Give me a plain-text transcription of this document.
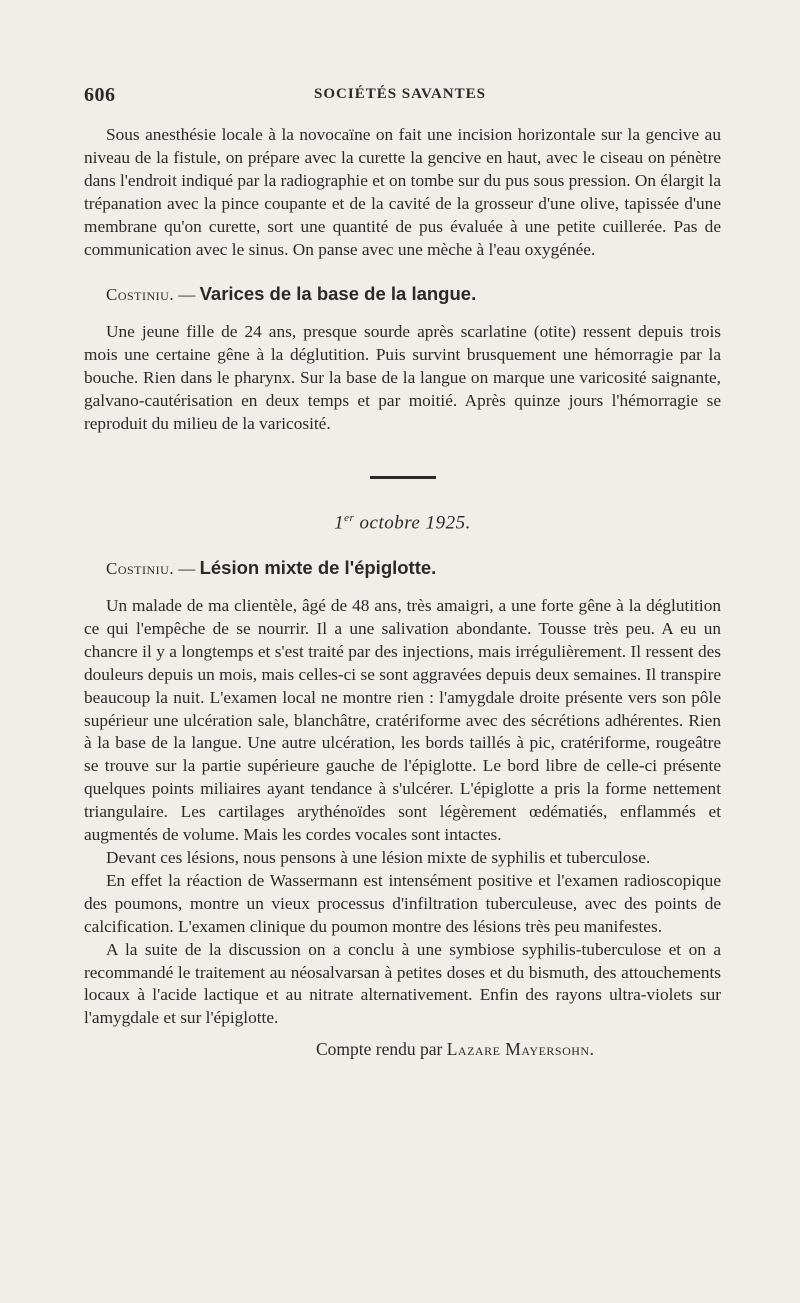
606	SOCIÉTÉS SAVANTES

Sous anesthésie locale à la novocaïne on fait une incision horizontale sur la gencive au niveau de la fistule, on prépare avec la curette la gencive en haut, avec le ciseau on pénètre dans l'endroit indiqué par la radiographie et on tombe sur du pus sous pression. On élargit la trépanation avec la pince coupante et de la cavité de la grosseur d'une olive, tapissée d'une membrane qu'on curette, sort une quantité de pus évaluée à une petite cuillerée. Pas de communication avec le sinus. On panse avec une mèche à l'eau oxygénée.

Costiniu. — Varices de la base de la langue.

Une jeune fille de 24 ans, presque sourde après scarlatine (otite) ressent depuis trois mois une certaine gêne à la déglutition. Puis survint brusquement une hémorragie par la bouche. Rien dans le pharynx. Sur la base de la langue on marque une varicosité saignante, galvano-cautérisation en deux temps et par moitié. Après quinze jours l'hémorragie se reproduit du milieu de la varicosité.

1er octobre 1925.
Costiniu. — Lésion mixte de l'épiglotte.

Un malade de ma clientèle, âgé de 48 ans, très amaigri, a une forte gêne à la déglutition ce qui l'empêche de se nourrir. Il a une salivation abondante. Tousse très peu. A eu un chancre il y a longtemps et s'est traité par des injections, mais irrégulièrement. Il ressent des douleurs depuis un mois, mais celles-ci se sont aggravées depuis deux semaines. Il transpire beaucoup la nuit. L'examen local ne montre rien : l'amygdale droite présente vers son pôle supérieur une ulcération sale, blanchâtre, cratériforme avec des sécrétions adhérentes. Rien à la base de la langue. Une autre ulcération, les bords taillés à pic, cratériforme, rougeâtre se trouve sur la partie supérieure gauche de l'épiglotte. Le bord libre de celle-ci présente quelques points miliaires ayant tendance à s'ulcérer. L'épiglotte a pris la forme nettement triangulaire. Les cartilages arythénoïdes sont légèrement œdématiés, enflammés et augmentés de volume. Mais les cordes vocales sont intactes.

Devant ces lésions, nous pensons à une lésion mixte de syphilis et tuberculose.

En effet la réaction de Wassermann est intensément positive et l'examen radioscopique des poumons, montre un vieux processus d'infiltration tuberculeuse, avec des points de calcification. L'examen clinique du poumon montre des lésions très peu manifestes.

A la suite de la discussion on a conclu à une symbiose syphilis-tuberculose et on a recommandé le traitement au néosalvarsan à petites doses et du bismuth, des attouchements locaux à l'acide lactique et au nitrate alternativement. Enfin des rayons ultra-violets sur l'amygdale et sur l'épiglotte.

Compte rendu par Lazare Mayersohn.
